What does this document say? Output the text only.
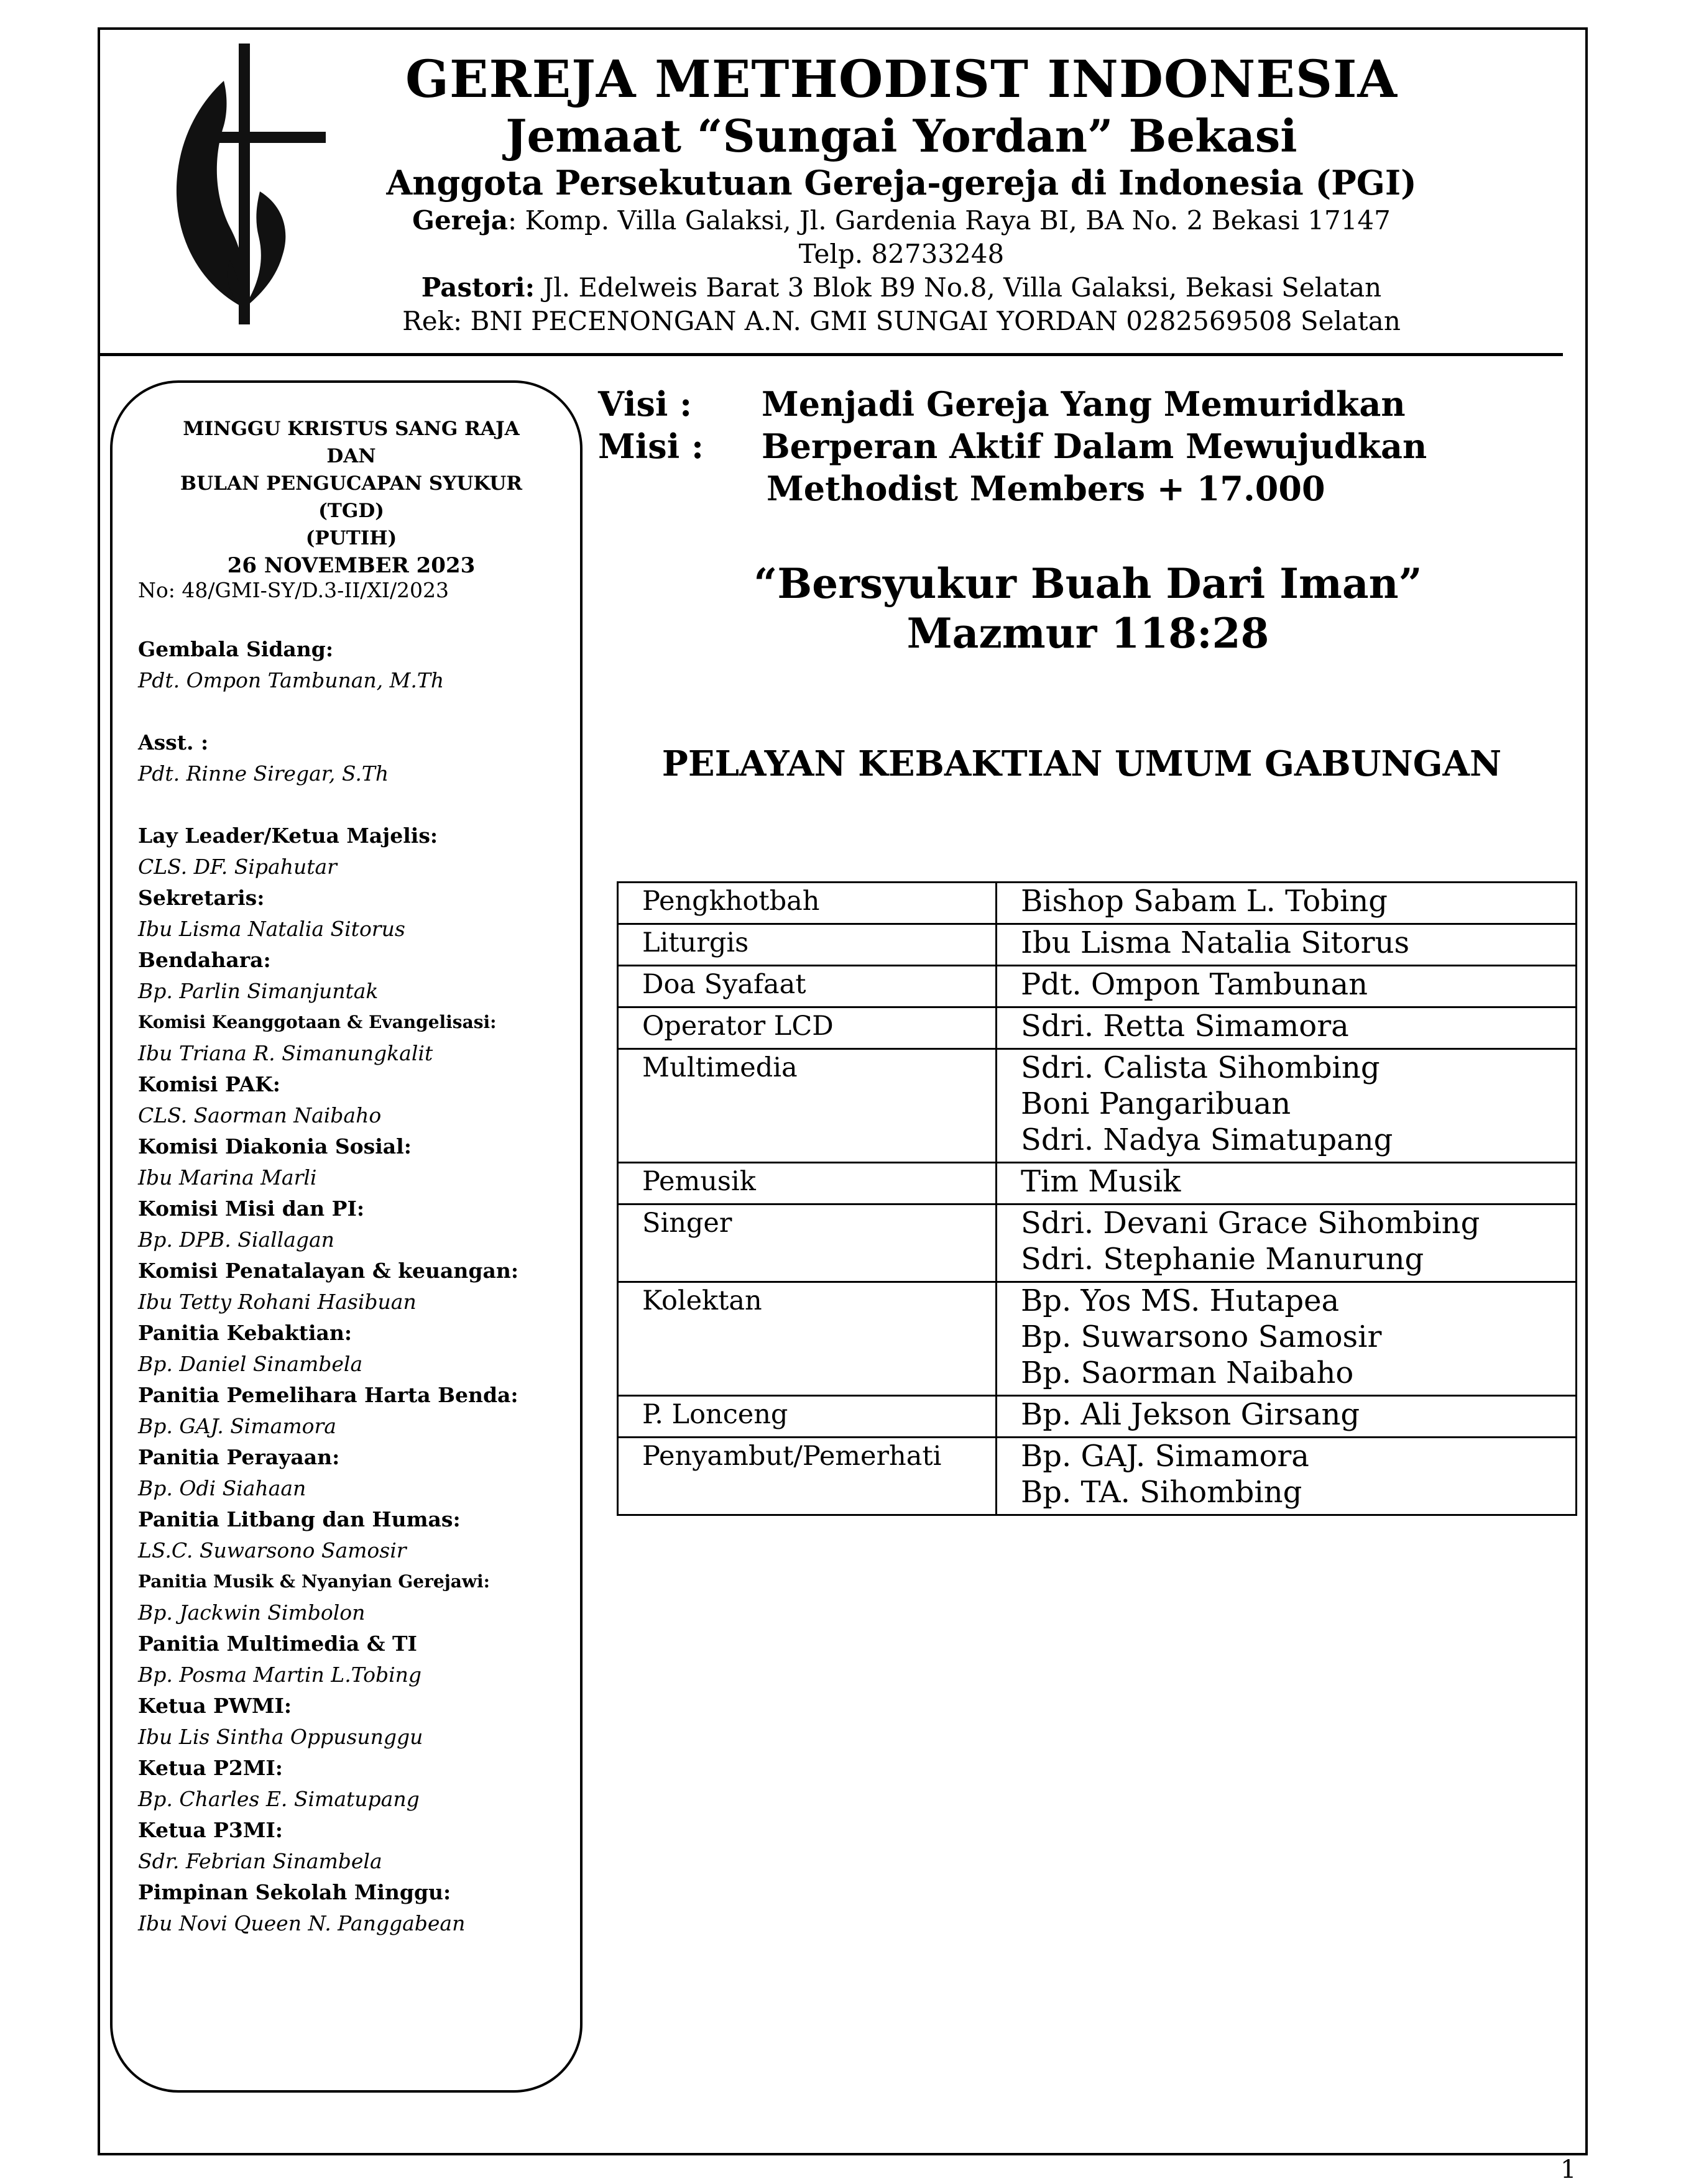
GEREJA METHODIST INDONESIA
Jemaat “Sungai Yordan” Bekasi
Anggota Persekutuan Gereja-gereja di Indonesia (PGI)
Gereja: Komp. Villa Galaksi, Jl. Gardenia Raya BI, BA No. 2 Bekasi 17147
Telp. 82733248
Pastori: Jl. Edelweis Barat 3 Blok B9 No.8, Villa Galaksi, Bekasi Selatan
Rek: BNI PECENONGAN A.N. GMI SUNGAI YORDAN 0282569508 Selatan
MINGGU KRISTUS SANG RAJA
DAN
BULAN PENGUCAPAN SYUKUR
(TGD)
(PUTIH)
26 NOVEMBER 2023
No: 48/GMI-SY/D.3-II/XI/2023
Gembala Sidang:
Pdt. Ompon Tambunan, M.Th
Asst. :
Pdt. Rinne Siregar, S.Th
Lay Leader/Ketua Majelis:
CLS. DF. Sipahutar
Sekretaris:
Ibu Lisma Natalia Sitorus
Bendahara:
Bp. Parlin Simanjuntak
Komisi Keanggotaan & Evangelisasi:
Ibu Triana R. Simanungkalit
Komisi PAK:
CLS. Saorman Naibaho
Komisi Diakonia Sosial:
Ibu Marina Marli
Komisi Misi dan PI:
Bp. DPB. Siallagan
Komisi Penatalayan & keuangan:
Ibu Tetty Rohani Hasibuan
Panitia Kebaktian:
Bp. Daniel Sinambela
Panitia Pemelihara Harta Benda:
Bp. GAJ. Simamora
Panitia Perayaan:
Bp. Odi Siahaan
Panitia Litbang dan Humas:
LS.C. Suwarsono Samosir
Panitia Musik & Nyanyian Gerejawi:
Bp. Jackwin Simbolon
Panitia Multimedia & TI
Bp. Posma Martin L.Tobing
Ketua PWMI:
Ibu Lis Sintha Oppusunggu
Ketua P2MI:
Bp. Charles E. Simatupang
Ketua P3MI:
Sdr. Febrian Sinambela
Pimpinan Sekolah Minggu:
Ibu Novi Queen N. Panggabean
Visi : Menjadi Gereja Yang Memuridkan
Misi : Berperan Aktif Dalam Mewujudkan
Methodist Members + 17.000
“Bersyukur Buah Dari Iman”
Mazmur 118:28
PELAYAN KEBAKTIAN UMUM GABUNGAN
Pengkhotbah	Bishop Sabam L. Tobing

Liturgis	Ibu Lisma Natalia Sitorus

Doa Syafaat	Pdt. Ompon Tambunan

Operator LCD	Sdri. Retta Simamora

Multimedia	Sdri. Calista Sihombing
Boni Pangaribuan
Sdri. Nadya Simatupang

Pemusik	Tim Musik

Singer	Sdri. Devani Grace Sihombing
Sdri. Stephanie Manurung

Kolektan	Bp. Yos MS. Hutapea
Bp. Suwarsono Samosir
Bp. Saorman Naibaho

P. Lonceng	Bp. Ali Jekson Girsang

Penyambut/Pemerhati	Bp. GAJ. Simamora
Bp. TA. Sihombing
1
